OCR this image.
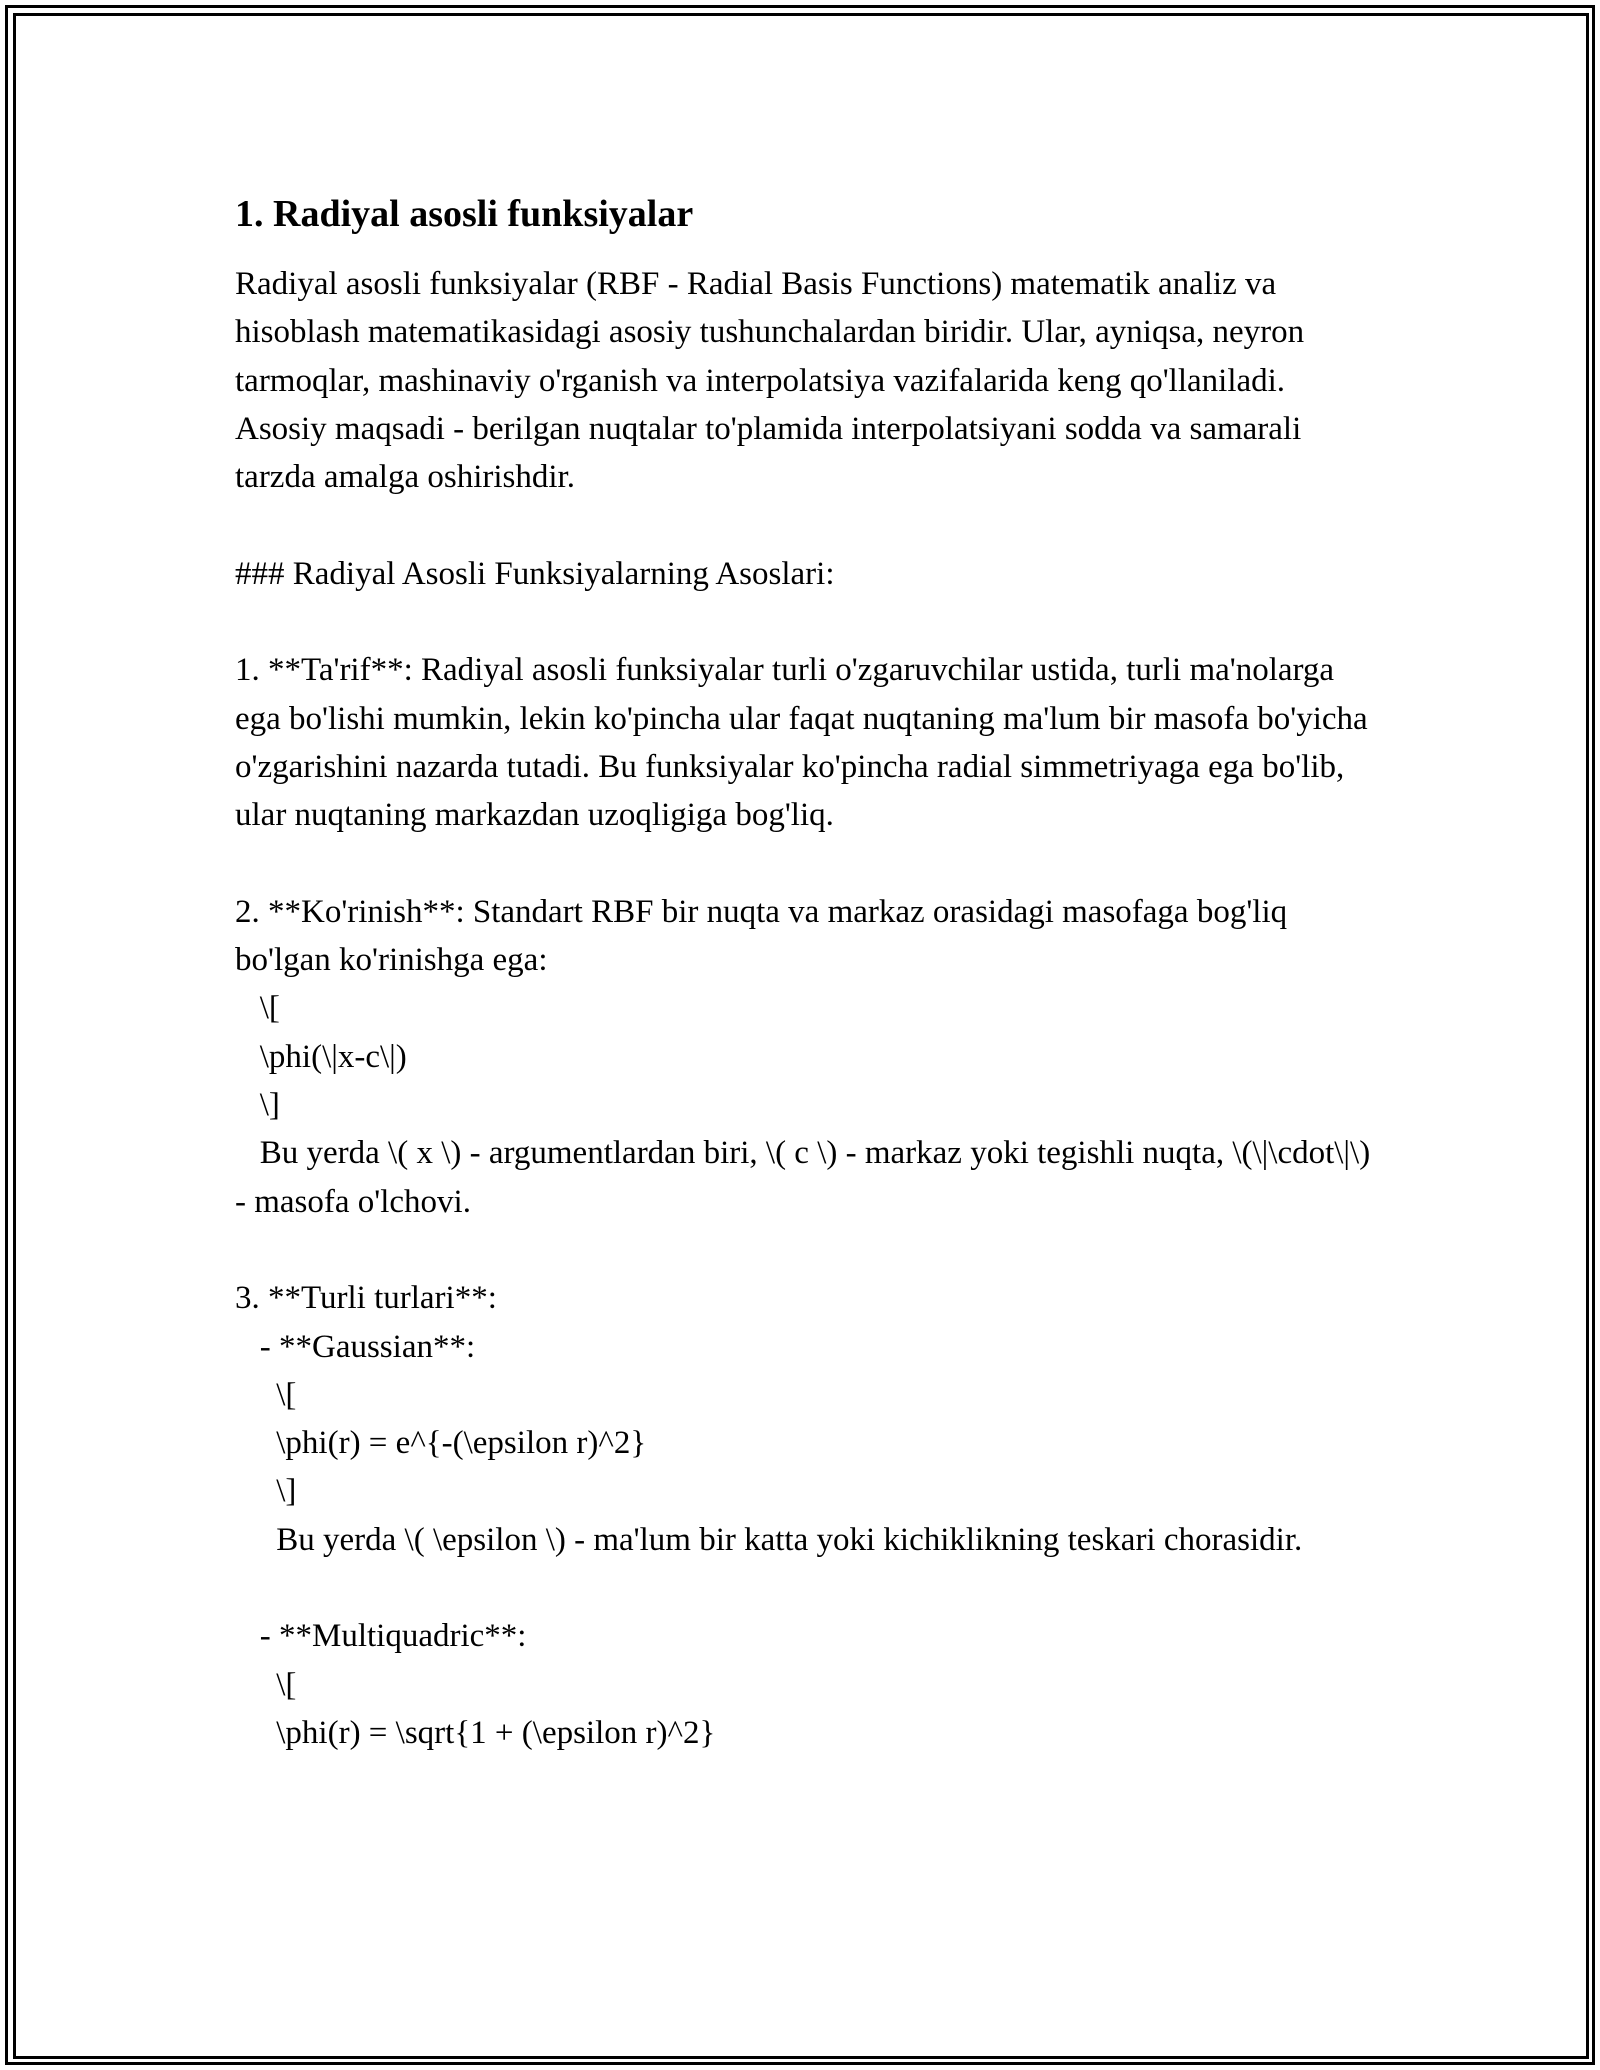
1. Radiyal asosli funksiyalar
Radiyal asosli funksiyalar (RBF - Radial Basis Functions) matematik analiz va hisoblash matematikasidagi asosiy tushunchalardan biridir. Ular, ayniqsa, neyron tarmoqlar, mashinaviy o'rganish va interpolatsiya vazifalarida keng qo'llaniladi. Asosiy maqsadi - berilgan nuqtalar to'plamida interpolatsiyani sodda va samarali tarzda amalga oshirishdir.

### Radiyal Asosli Funksiyalarning Asoslari:

1. **Ta'rif**: Radiyal asosli funksiyalar turli o'zgaruvchilar ustida, turli ma'nolarga ega bo'lishi mumkin, lekin ko'pincha ular faqat nuqtaning ma'lum bir masofa bo'yicha o'zgarishini nazarda tutadi. Bu funksiyalar ko'pincha radial simmetriyaga ega bo'lib, ular nuqtaning markazdan uzoqligiga bog'liq.

2. **Ko'rinish**: Standart RBF bir nuqta va markaz orasidagi masofaga bog'liq bo'lgan ko'rinishga ega:
\[
\phi(\|x-c\|)
\]
Bu yerda \( x \) - argumentlardan biri, \( c \) - markaz yoki tegishli nuqta, \(\|\cdot\|\) - masofa o'lchovi.

3. **Turli turlari**:
- **Gaussian**:
\[
\phi(r) = e^{-(\epsilon r)^2}
\]
Bu yerda \( \epsilon \) - ma'lum bir katta yoki kichiklikning teskari chorasidir.

- **Multiquadric**:
\[
\phi(r) = \sqrt{1 + (\epsilon r)^2}
